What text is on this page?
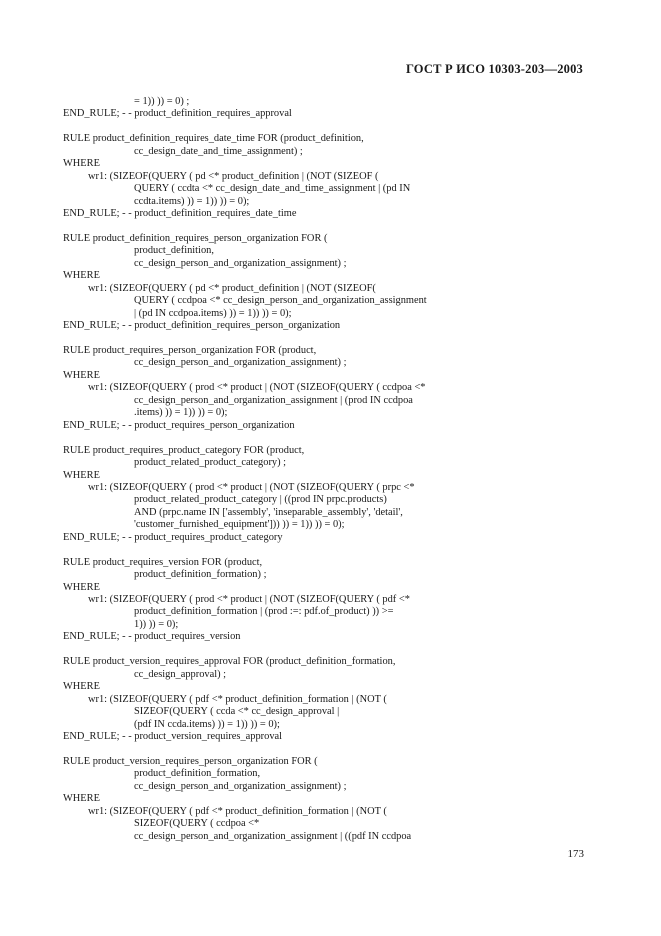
ГОСТ Р ИСО 10303-203—2003
= 1)) )) = 0) ;
END_RULE; - - product_definition_requires_approval
RULE product_definition_requires_date_time FOR (product_definition,
cc_design_date_and_time_assignment) ;
WHERE
wr1: (SIZEOF(QUERY ( pd <* product_definition | (NOT (SIZEOF (
QUERY ( ccdta <* cc_design_date_and_time_assignment | (pd IN
ccdta.items) )) = 1)) )) = 0);
END_RULE; - - product_definition_requires_date_time
RULE product_definition_requires_person_organization FOR (
product_definition,
cc_design_person_and_organization_assignment) ;
WHERE
wr1: (SIZEOF(QUERY ( pd <* product_definition | (NOT (SIZEOF(
QUERY ( ccdpoa <* cc_design_person_and_organization_assignment
| (pd IN ccdpoa.items) )) = 1)) )) = 0);
END_RULE; - - product_definition_requires_person_organization
RULE product_requires_person_organization FOR (product,
cc_design_person_and_organization_assignment) ;
WHERE
wr1: (SIZEOF(QUERY ( prod <* product | (NOT (SIZEOF(QUERY ( ccdpoa <*
cc_design_person_and_organization_assignment | (prod IN ccdpoa
.items) )) = 1)) )) = 0);
END_RULE; - - product_requires_person_organization
RULE product_requires_product_category FOR (product,
product_related_product_category) ;
WHERE
wr1: (SIZEOF(QUERY ( prod <* product | (NOT (SIZEOF(QUERY ( prpc <*
product_related_product_category | ((prod IN prpc.products)
AND (prpc.name IN ['assembly', 'inseparable_assembly', 'detail',
'customer_furnished_equipment'])) )) = 1)) )) = 0);
END_RULE; - - product_requires_product_category
RULE product_requires_version FOR (product,
product_definition_formation) ;
WHERE
wr1: (SIZEOF(QUERY ( prod <* product | (NOT (SIZEOF(QUERY ( pdf <*
product_definition_formation | (prod :=: pdf.of_product) )) >=
1)) )) = 0);
END_RULE; - - product_requires_version
RULE product_version_requires_approval FOR (product_definition_formation,
cc_design_approval) ;
WHERE
wr1: (SIZEOF(QUERY ( pdf <* product_definition_formation | (NOT (
SIZEOF(QUERY ( ccda <* cc_design_approval |
(pdf IN ccda.items) )) = 1)) )) = 0);
END_RULE; - - product_version_requires_approval
RULE product_version_requires_person_organization FOR (
product_definition_formation,
cc_design_person_and_organization_assignment) ;
WHERE
wr1: (SIZEOF(QUERY ( pdf <* product_definition_formation | (NOT (
SIZEOF(QUERY ( ccdpoa <*
cc_design_person_and_organization_assignment | ((pdf IN ccdpoa
173
